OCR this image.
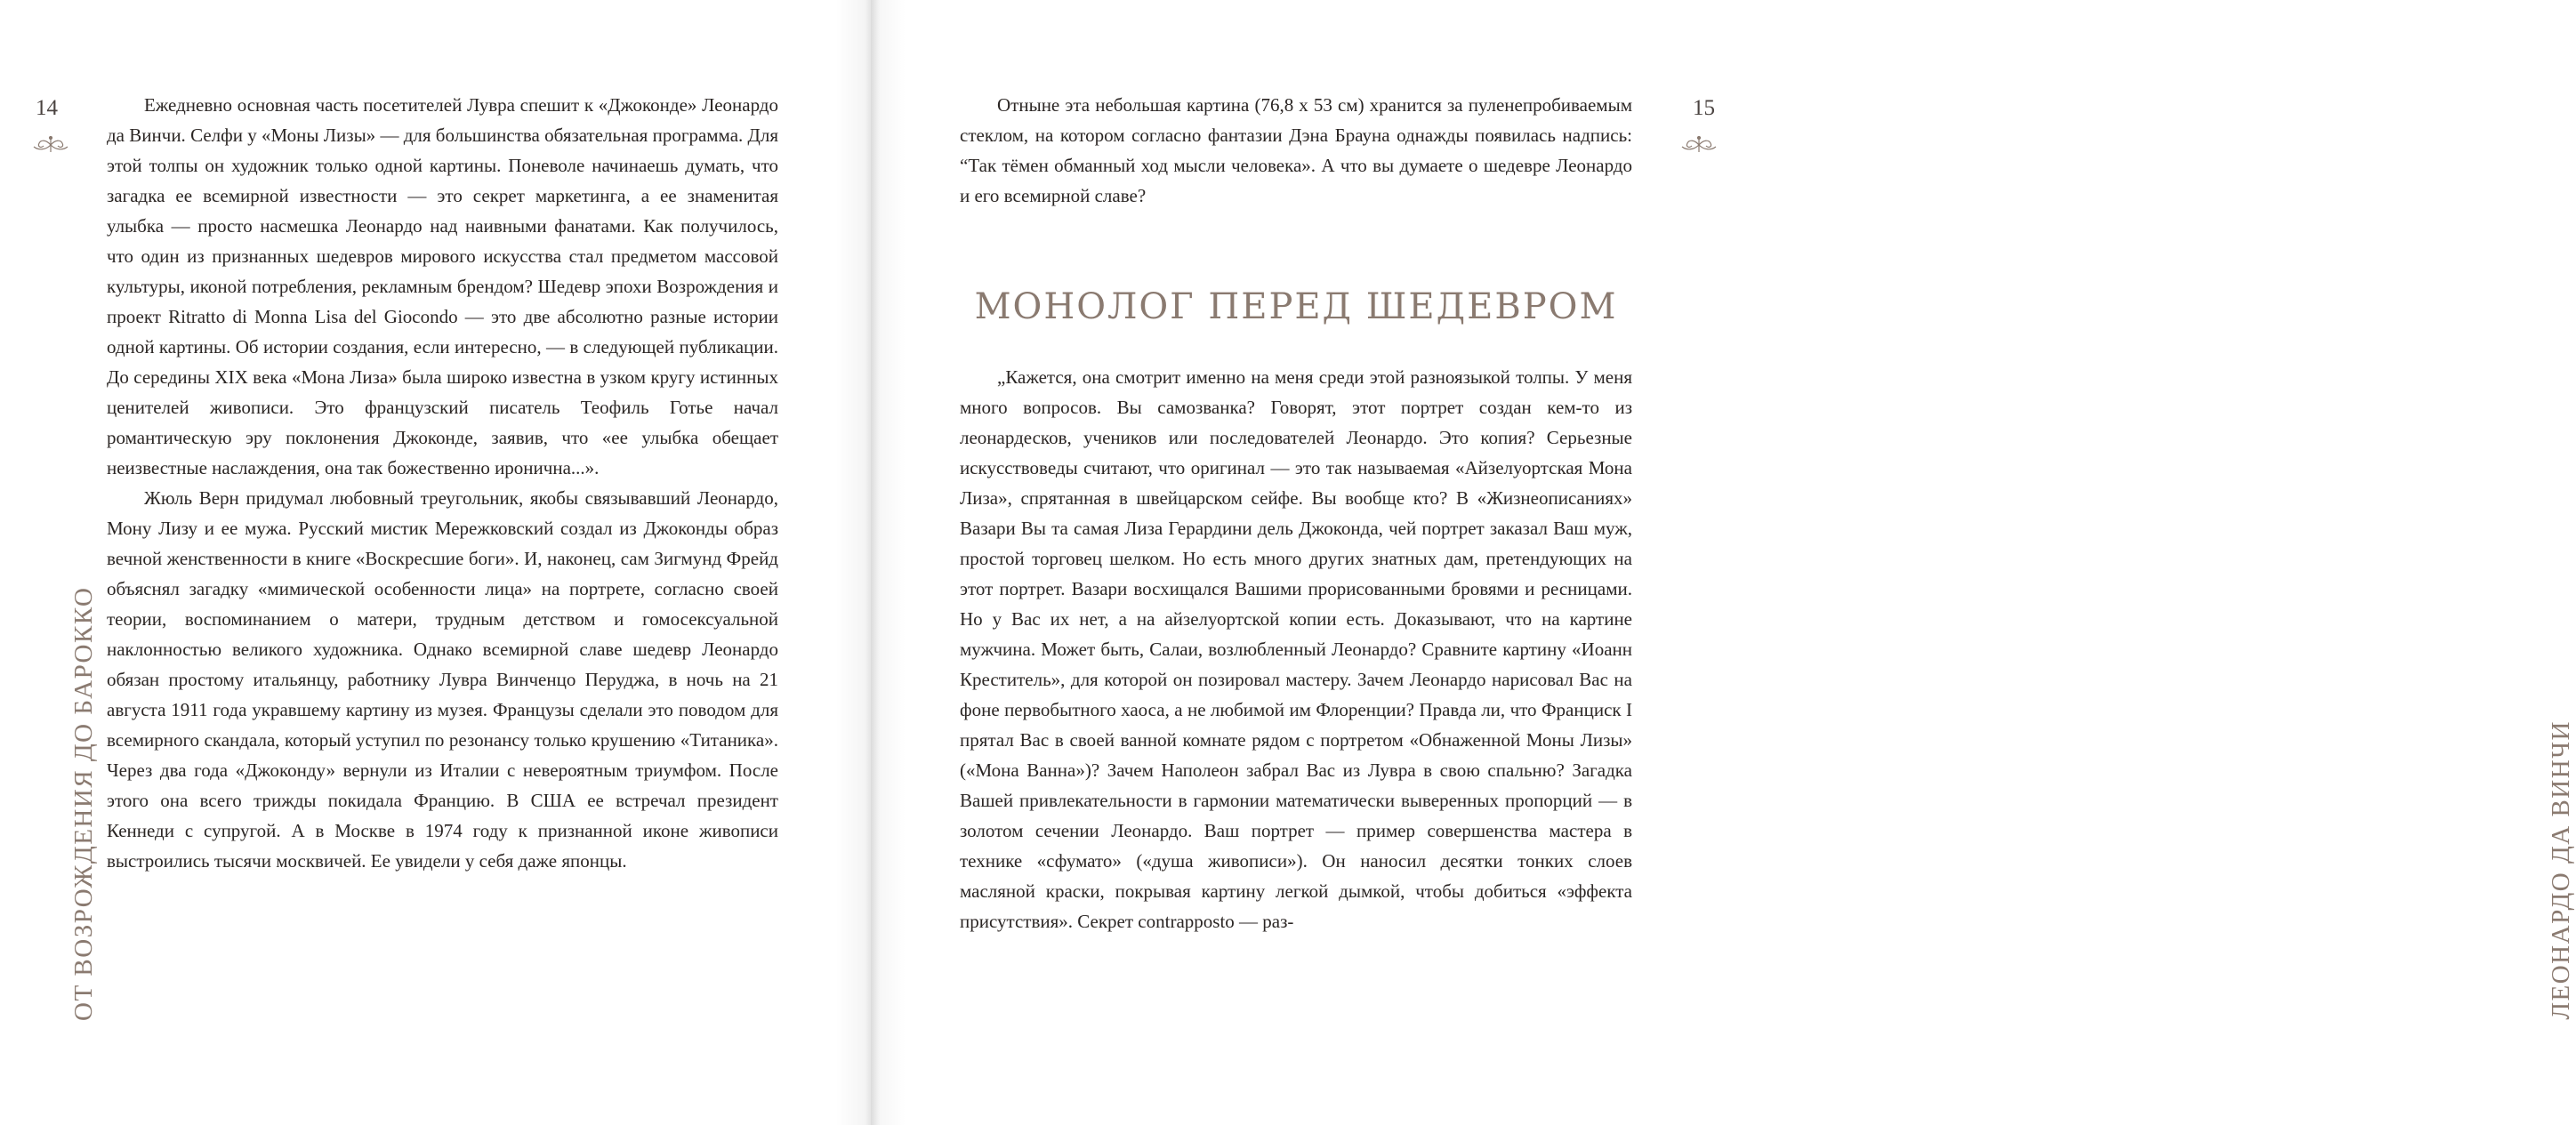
14
ОТ ВОЗРОЖДЕНИЯ ДО БАРОККО

Ежедневно основная часть посетителей Лувра спешит к «Джоконде» Леонардо да Винчи. Селфи у «Моны Лизы» — для большинства обязательная программа. Для этой толпы он художник только одной картины. Поневоле начинаешь думать, что загадка ее всемирной известности — это секрет маркетинга, а ее знаменитая улыбка — просто насмешка Леонардо над наивными фанатами. Как получилось, что один из признанных шедевров мирового искусства стал предметом массовой культуры, иконой потребления, рекламным брендом? Шедевр эпохи Возрождения и проект Ritratto di Monna Lisa del Giocondo — это две абсолютно разные истории одной картины. Об истории создания, если интересно, — в следующей публикации. До середины XIX века «Мона Лиза» была широко известна в узком кругу истинных ценителей живописи. Это французский писатель Теофиль Готье начал романтическую эру поклонения Джоконде, заявив, что «ее улыбка обещает неизвестные наслаждения, она так божественно иронична...».

Жюль Верн придумал любовный треугольник, якобы связывавший Леонардо, Мону Лизу и ее мужа. Русский мистик Мережковский создал из Джоконды образ вечной женственности в книге «Воскресшие боги». И, наконец, сам Зигмунд Фрейд объяснял загадку «мимической особенности лица» на портрете, согласно своей теории, воспоминанием о матери, трудным детством и гомосексуальной наклонностью великого художника. Однако всемирной славе шедевр Леонардо обязан простому итальянцу, работнику Лувра Винченцо Перуджа, в ночь на 21 августа 1911 года укравшему картину из музея. Французы сделали это поводом для всемирного скандала, который уступил по резонансу только крушению «Титаника». Через два года «Джоконду» вернули из Италии с невероятным триумфом. После этого она всего трижды покидала Францию. В США ее встречал президент Кеннеди с супругой. А в Москве в 1974 году к признанной иконе живописи выстроились тысячи москвичей. Ее увидели у себя даже японцы.

15
ЛЕОНАРДО ДА ВИНЧИ

Отныне эта небольшая картина (76,8 х 53 см) хранится за пуленепробиваемым стеклом, на котором согласно фантазии Дэна Брауна однажды появилась надпись: “Так тёмен обманный ход мысли человека». А что вы думаете о шедевре Леонардо и его всемирной славе?

МОНОЛОГ ПЕРЕД ШЕДЕВРОМ

„Кажется, она смотрит именно на меня среди этой разноязыкой толпы. У меня много вопросов. Вы самозванка? Говорят, этот портрет создан кем-то из леонардесков, учеников или последователей Леонардо. Это копия? Серьезные искусствоведы считают, что оригинал — это так называемая «Айзелуортская Мона Лиза», спрятанная в швейцарском сейфе. Вы вообще кто? В «Жизнеописаниях» Вазари Вы та самая Лиза Герардини дель Джоконда, чей портрет заказал Ваш муж, простой торговец шелком. Но есть много других знатных дам, претендующих на этот портрет. Вазари восхищался Вашими прорисованными бровями и ресницами. Но у Вас их нет, а на айзелуортской копии есть. Доказывают, что на картине мужчина. Может быть, Салаи, возлюбленный Леонардо? Сравните картину «Иоанн Креститель», для которой он позировал мастеру. Зачем Леонардо нарисовал Вас на фоне первобытного хаоса, а не любимой им Флоренции? Правда ли, что Франциск I прятал Вас в своей ванной комнате рядом с портретом «Обнаженной Моны Лизы» («Мона Ванна»)? Зачем Наполеон забрал Вас из Лувра в свою спальню? Загадка Вашей привлекательности в гармонии математически выверенных пропорций — в золотом сечении Леонардо. Ваш портрет — пример совершенства мастера в технике «сфумато» («душа живописи»). Он наносил десятки тонких слоев масляной краски, покрывая картину легкой дымкой, чтобы добиться «эффекта присутствия». Секрет contrapposto — раз-
